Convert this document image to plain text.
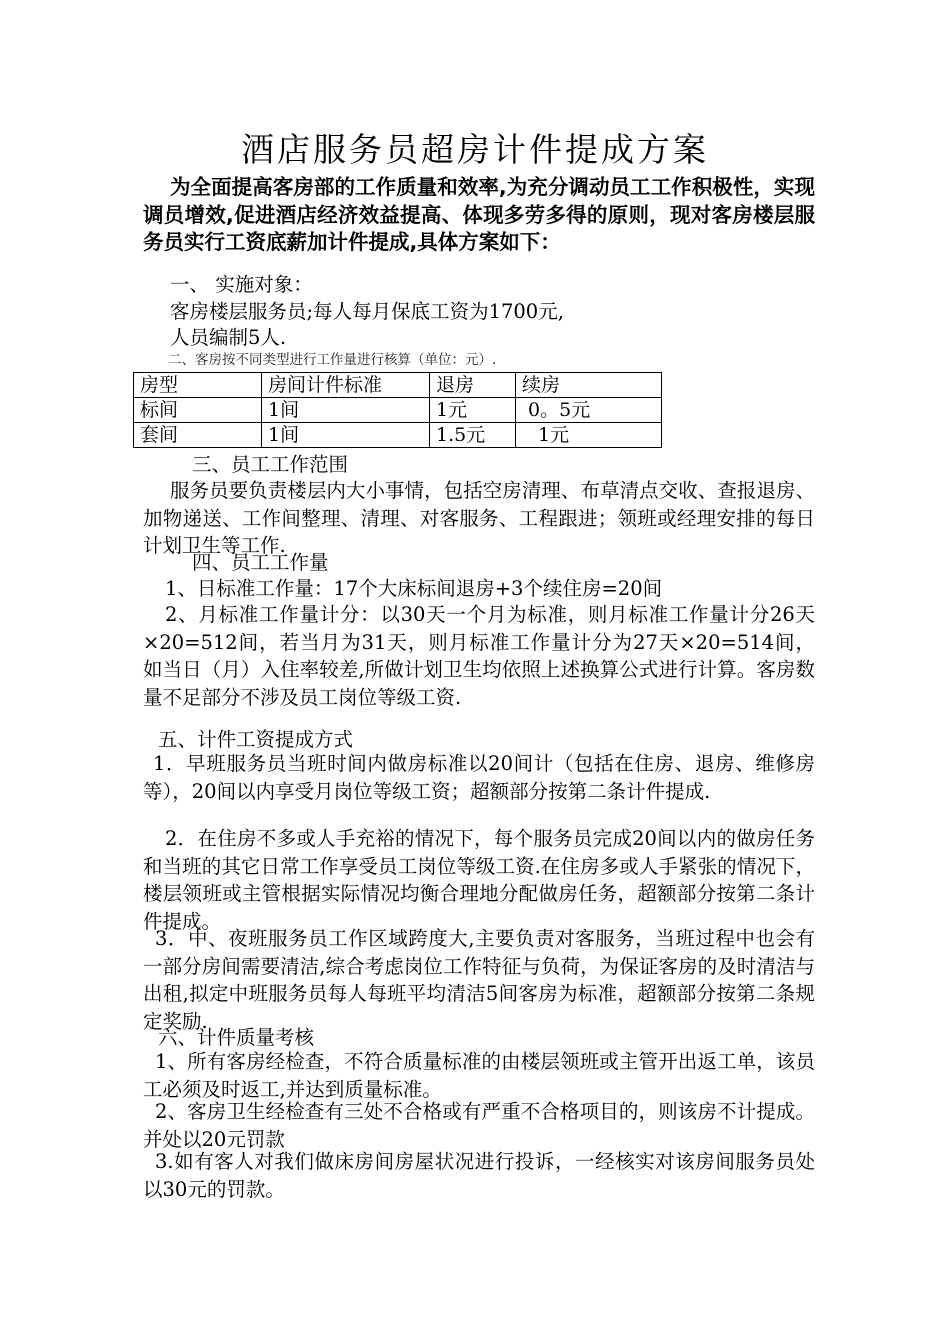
酒店服务员超房计件提成方案
为全面提高客房部的工作质量和效率,为充分调动员工工作积极性，实现调员增效,促进酒店经济效益提高、体现多劳多得的原则，现对客房楼层服务员实行工资底薪加计件提成,具体方案如下：
一、 实施对象：
客房楼层服务员;每人每月保底工资为1700元,
人员编制5人.
二、客房按不同类型进行工作量进行核算（单位：元）.
房型	房间计件标准	退房	续房
标间	1间	1元	0。5元
套间	1间	1.5元	1元
三、员工工作范围
服务员要负责楼层内大小事情，包括空房清理、布草清点交收、查报退房、加物递送、工作间整理、清理、对客服务、工程跟进；领班或经理安排的每日计划卫生等工作.
四、员工工作量
1、日标准工作量：17个大床标间退房+3个续住房=20间
2、月标准工作量计分：以30天一个月为标准，则月标准工作量计分26天×20=512间，若当月为31天，则月标准工作量计分为27天×20=514间， 如当日（月）入住率较差,所做计划卫生均依照上述换算公式进行计算。客房数量不足部分不涉及员工岗位等级工资.
五、计件工资提成方式
1．早班服务员当班时间内做房标准以20间计（包括在住房、退房、维修房等），20间以内享受月岗位等级工资；超额部分按第二条计件提成.
2．在住房不多或人手充裕的情况下，每个服务员完成20间以内的做房任务和当班的其它日常工作享受员工岗位等级工资.在住房多或人手紧张的情况下，楼层领班或主管根据实际情况均衡合理地分配做房任务，超额部分按第二条计件提成。
3．中、夜班服务员工作区域跨度大,主要负责对客服务，当班过程中也会有一部分房间需要清洁,综合考虑岗位工作特征与负荷，为保证客房的及时清洁与出租,拟定中班服务员每人每班平均清洁5间客房为标准，超额部分按第二条规定奖励.
六、计件质量考核
1、所有客房经检查，不符合质量标准的由楼层领班或主管开出返工单，该员工必须及时返工,并达到质量标准。
2、客房卫生经检查有三处不合格或有严重不合格项目的，则该房不计提成。并处以20元罚款
3.如有客人对我们做床房间房屋状况进行投诉，一经核实对该房间服务员处以30元的罚款。
